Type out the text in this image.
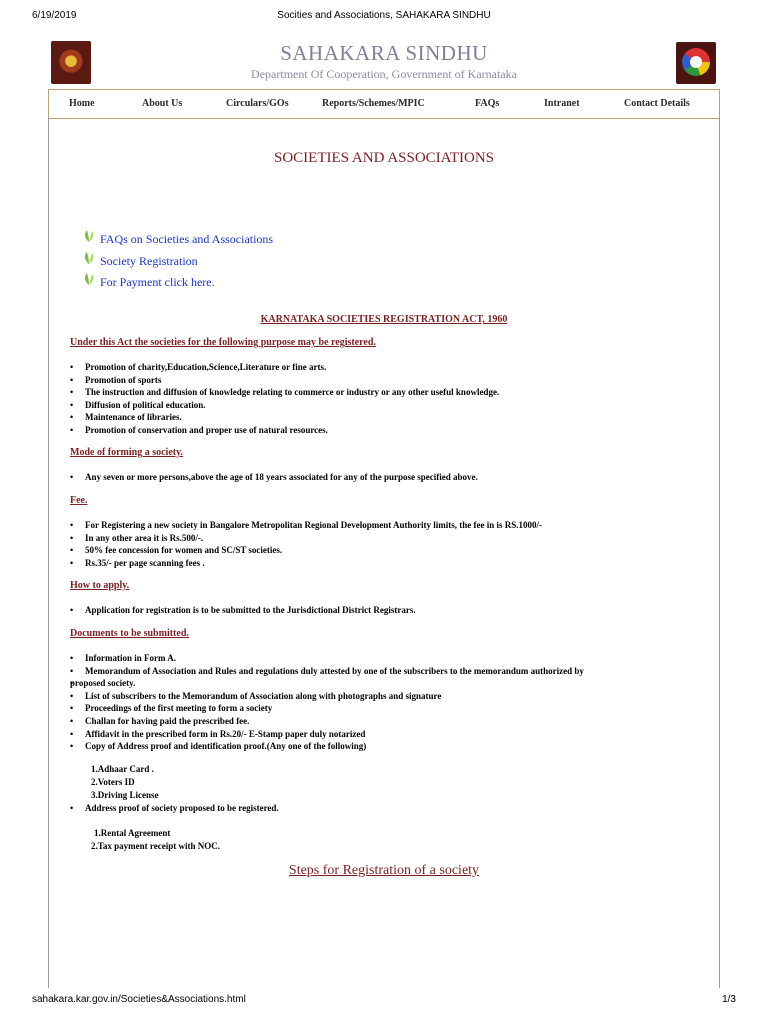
6/19/2019	Socities and Associations, SAHAKARA SINDHU
SAHAKARA SINDHU
Department Of Cooperation, Government of Karnataka
Home	About Us	Circulars/GOs	Reports/Schemes/MPIC	FAQs	Intranet	Contact Details
SOCIETIES AND ASSOCIATIONS
FAQs on Societies and Associations
Society Registration
For Payment click here.
KARNATAKA SOCIETIES REGISTRATION ACT, 1960
Under this Act the societies for the following purpose may be registered.
• Promotion of charity,Education,Science,Literature or fine arts.
• Promotion of sports
• The instruction and diffusion of knowledge relating to commerce or industry or any other useful knowledge.
• Diffusion of political education.
• Maintenance of libraries.
• Promotion of conservation and proper use of natural resources.
Mode of forming a society.
• Any seven or more persons,above the age of 18 years associated for any of the purpose specified above.
Fee.
• For Registering a new society in Bangalore Metropolitan Regional Development Authority limits, the fee in is RS.1000/-
• In any other area it is Rs.500/-.
• 50% fee concession for women and SC/ST societies.
• Rs.35/- per page scanning fees .
How to apply.
• Application for registration is to be submitted to the Jurisdictional District Registrars.
Documents to be submitted.
• Information in Form A.
• Memorandum of Association and Rules and regulations duly attested by one of the subscribers to the memorandum authorized by
• proposed society.
• List of subscribers to the Memorandum of Association along with photographs and signature
• Proceedings of the first meeting to form a society
• Challan for having paid the prescribed fee.
• Affidavit in the prescribed form in Rs.20/- E-Stamp paper duly notarized
• Copy of Address proof and identification proof.(Any one of the following)
1.Adhaar Card .
2.Voters ID
3.Driving License
• Address proof of society proposed to be registered.
1.Rental Agreement
2.Tax payment receipt with NOC.
Steps for Registration of a society
sahakara.kar.gov.in/Societies&Associations.html	1/3
